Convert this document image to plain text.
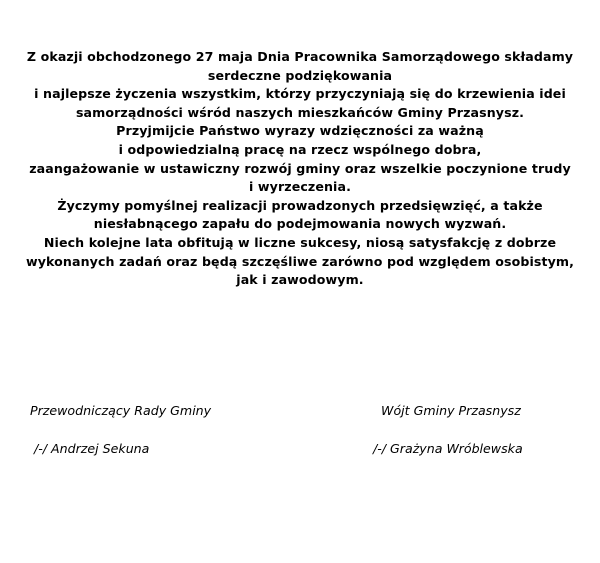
Z okazji obchodzonego 27 maja Dnia Pracownika Samorządowego składamy
serdeczne podziękowania
i najlepsze życzenia wszystkim, którzy przyczyniają się do krzewienia idei
samorządności wśród naszych mieszkańców Gminy Przasnysz.
Przyjmijcie Państwo wyrazy wdzięczności za ważną
i odpowiedzialną pracę na rzecz wspólnego dobra,
zaangażowanie w ustawiczny rozwój gminy oraz wszelkie poczynione trudy
i wyrzeczenia.
Życzymy pomyślnej realizacji prowadzonych przedsięwzięć, a także
niesłabnącego zapału do podejmowania nowych wyzwań.
Niech kolejne lata obfitują w liczne sukcesy, niosą satysfakcję z dobrze
wykonanych zadań oraz będą szczęśliwe zarówno pod względem osobistym,
jak i zawodowym.
Przewodniczący Rady Gminy
/-/ Andrzej Sekuna
Wójt Gminy Przasnysz
/-/ Grażyna Wróblewska
